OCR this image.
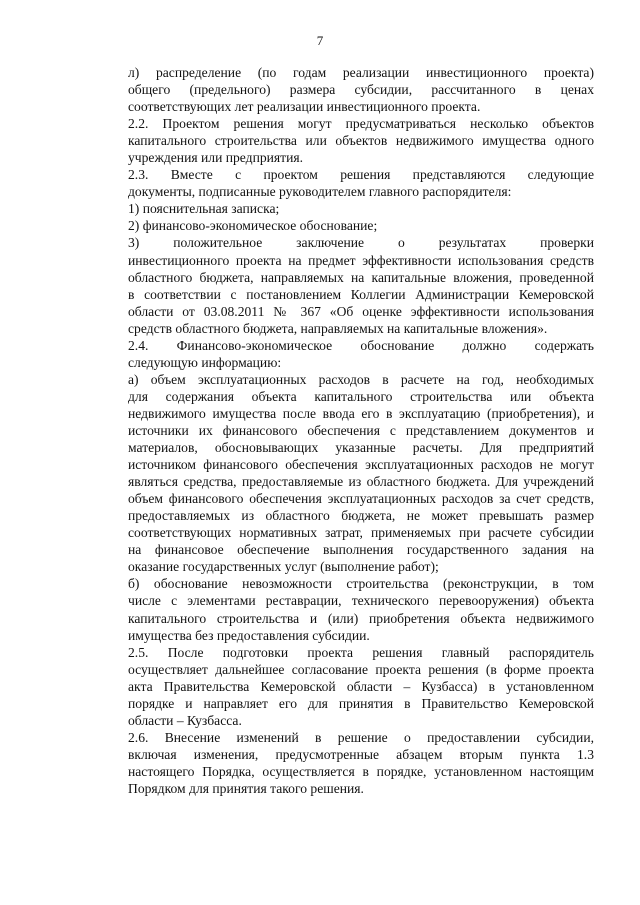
7

л) распределение (по годам реализации инвестиционного проекта)
общего (предельного) размера субсидии, рассчитанного в ценах
соответствующих лет реализации инвестиционного проекта.

2.2. Проектом решения могут предусматриваться несколько объектов
капитального строительства или объектов недвижимого имущества одного
учреждения или предприятия.

2.3. Вместе с проектом решения представляются следующие
документы, подписанные руководителем главного распорядителя:

1) пояснительная записка;

2) финансово-экономическое обоснование;

3) положительное заключение о результатах проверки
инвестиционного проекта на предмет эффективности использования средств
областного бюджета, направляемых на капитальные вложения, проведенной
в соответствии с постановлением Коллегии Администрации Кемеровской
области от 03.08.2011 № 367 «Об оценке эффективности использования
средств областного бюджета, направляемых на капитальные вложения».

2.4. Финансово-экономическое обоснование должно содержать
следующую информацию:

а) объем эксплуатационных расходов в расчете на год, необходимых
для содержания объекта капитального строительства или объекта
недвижимого имущества после ввода его в эксплуатацию (приобретения), и
источники их финансового обеспечения с представлением документов и
материалов, обосновывающих указанные расчеты. Для предприятий
источником финансового обеспечения эксплуатационных расходов не могут
являться средства, предоставляемые из областного бюджета. Для учреждений
объем финансового обеспечения эксплуатационных расходов за счет средств,
предоставляемых из областного бюджета, не может превышать размер
соответствующих нормативных затрат, применяемых при расчете субсидии
на финансовое обеспечение выполнения государственного задания на
оказание государственных услуг (выполнение работ);

б) обоснование невозможности строительства (реконструкции, в том
числе с элементами реставрации, технического перевооружения) объекта
капитального строительства и (или) приобретения объекта недвижимого
имущества без предоставления субсидии.

2.5. После подготовки проекта решения главный распорядитель
осуществляет дальнейшее согласование проекта решения (в форме проекта
акта Правительства Кемеровской области – Кузбасса) в установленном
порядке и направляет его для принятия в Правительство Кемеровской
области – Кузбасса.

2.6. Внесение изменений в решение о предоставлении субсидии,
включая изменения, предусмотренные абзацем вторым пункта 1.3
настоящего Порядка, осуществляется в порядке, установленном настоящим
Порядком для принятия такого решения.
